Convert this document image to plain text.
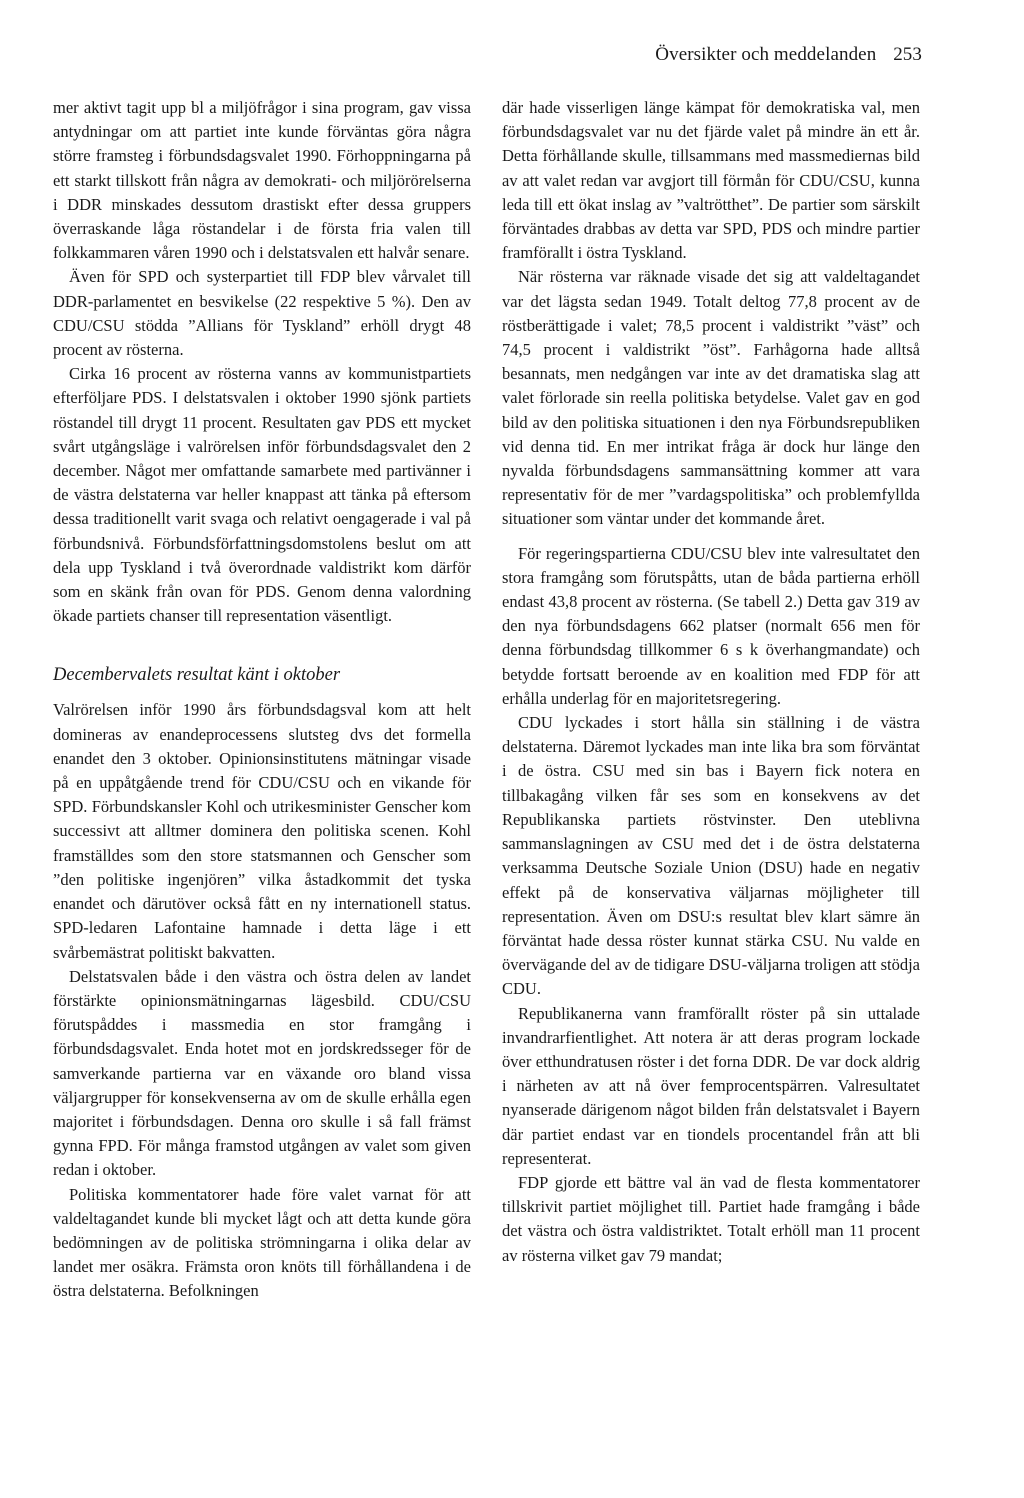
Översikter och meddelanden 253

mer aktivt tagit upp bl a miljöfrågor i sina program, gav vissa antydningar om att partiet inte kunde förväntas göra några större framsteg i förbundsdagsvalet 1990. Förhoppningarna på ett starkt tillskott från några av demokrati- och miljörörelserna i DDR minskades dessutom drastiskt efter dessa gruppers överraskande låga röstandelar i de första fria valen till folkkammaren våren 1990 och i delstatsvalen ett halvår senare.

Även för SPD och systerpartiet till FDP blev vårvalet till DDR-parlamentet en besvikelse (22 respektive 5 %). Den av CDU/CSU stödda ”Allians för Tyskland” erhöll drygt 48 procent av rösterna.

Cirka 16 procent av rösterna vanns av kommunistpartiets efterföljare PDS. I delstatsvalen i oktober 1990 sjönk partiets röstandel till drygt 11 procent. Resultaten gav PDS ett mycket svårt utgångsläge i valrörelsen inför förbundsdagsvalet den 2 december. Något mer omfattande samarbete med partivänner i de västra delstaterna var heller knappast att tänka på eftersom dessa traditionellt varit svaga och relativt oengagerade i val på förbundsnivå. Förbundsförfattningsdomstolens beslut om att dela upp Tyskland i två överordnade valdistrikt kom därför som en skänk från ovan för PDS. Genom denna valordning ökade partiets chanser till representation väsentligt.

Decembervalets resultat känt i oktober

Valrörelsen inför 1990 års förbundsdagsval kom att helt domineras av enandeprocessens slutsteg dvs det formella enandet den 3 oktober. Opinionsinstitutens mätningar visade på en uppåtgående trend för CDU/CSU och en vikande för SPD. Förbundskansler Kohl och utrikesminister Genscher kom successivt att alltmer dominera den politiska scenen. Kohl framställdes som den store statsmannen och Genscher som ”den politiske ingenjören” vilka åstadkommit det tyska enandet och därutöver också fått en ny internationell status. SPD-ledaren Lafontaine hamnade i detta läge i ett svårbemästrat politiskt bakvatten.

Delstatsvalen både i den västra och östra delen av landet förstärkte opinionsmätningarnas lägesbild. CDU/CSU förutspåddes i massmedia en stor framgång i förbundsdagsvalet. Enda hotet mot en jordskredsseger för de samverkande partierna var en växande oro bland vissa väljargrupper för konsekvenserna av om de skulle erhålla egen majoritet i förbundsdagen. Denna oro skulle i så fall främst gynna FPD. För många framstod utgången av valet som given redan i oktober.

Politiska kommentatorer hade före valet varnat för att valdeltagandet kunde bli mycket lågt och att detta kunde göra bedömningen av de politiska strömningarna i olika delar av landet mer osäkra. Främsta oron knöts till förhållandena i de östra delstaterna. Befolkningen

där hade visserligen länge kämpat för demokratiska val, men förbundsdagsvalet var nu det fjärde valet på mindre än ett år. Detta förhållande skulle, tillsammans med massmediernas bild av att valet redan var avgjort till förmån för CDU/CSU, kunna leda till ett ökat inslag av ”valtrötthet”. De partier som särskilt förväntades drabbas av detta var SPD, PDS och mindre partier framförallt i östra Tyskland.

När rösterna var räknade visade det sig att valdeltagandet var det lägsta sedan 1949. Totalt deltog 77,8 procent av de röstberättigade i valet; 78,5 procent i valdistrikt ”väst” och 74,5 procent i valdistrikt ”öst”. Farhågorna hade alltså besannats, men nedgången var inte av det dramatiska slag att valet förlorade sin reella politiska betydelse. Valet gav en god bild av den politiska situationen i den nya Förbundsrepubliken vid denna tid. En mer intrikat fråga är dock hur länge den nyvalda förbundsdagens sammansättning kommer att vara representativ för de mer ”vardagspolitiska” och problemfyllda situationer som väntar under det kommande året.

För regeringspartierna CDU/CSU blev inte valresultatet den stora framgång som förutspåtts, utan de båda partierna erhöll endast 43,8 procent av rösterna. (Se tabell 2.) Detta gav 319 av den nya förbundsdagens 662 platser (normalt 656 men för denna förbundsdag tillkommer 6 s k överhangmandate) och betydde fortsatt beroende av en koalition med FDP för att erhålla underlag för en majoritetsregering.

CDU lyckades i stort hålla sin ställning i de västra delstaterna. Däremot lyckades man inte lika bra som förväntat i de östra. CSU med sin bas i Bayern fick notera en tillbakagång vilken får ses som en konsekvens av det Republikanska partiets röstvinster. Den uteblivna sammanslagningen av CSU med det i de östra delstaterna verksamma Deutsche Soziale Union (DSU) hade en negativ effekt på de konservativa väljarnas möjligheter till representation. Även om DSU:s resultat blev klart sämre än förväntat hade dessa röster kunnat stärka CSU. Nu valde en övervägande del av de tidigare DSU-väljarna troligen att stödja CDU.

Republikanerna vann framförallt röster på sin uttalade invandrarfientlighet. Att notera är att deras program lockade över etthundratusen röster i det forna DDR. De var dock aldrig i närheten av att nå över femprocentspärren. Valresultatet nyanserade därigenom något bilden från delstatsvalet i Bayern där partiet endast var en tiondels procentandel från att bli representerat.

FDP gjorde ett bättre val än vad de flesta kommentatorer tillskrivit partiet möjlighet till. Partiet hade framgång i både det västra och östra valdistriktet. Totalt erhöll man 11 procent av rösterna vilket gav 79 mandat;
